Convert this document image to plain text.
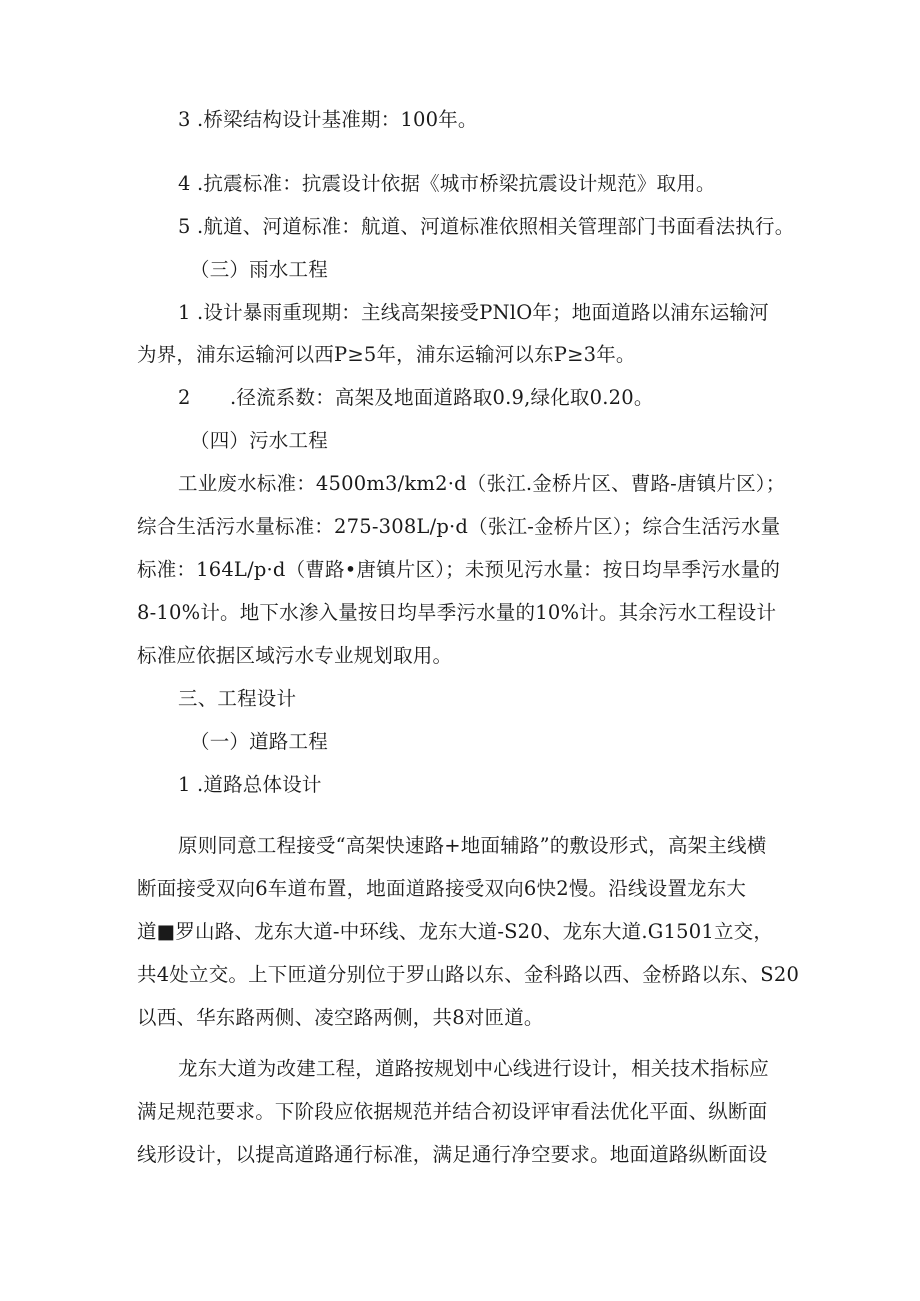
3 .桥梁结构设计基准期：100年。
4 .抗震标准：抗震设计依据《城市桥梁抗震设计规范》取用。
5 .航道、河道标准：航道、河道标准依照相关管理部门书面看法执行。
（三）雨水工程
1 .设计暴雨重现期：主线高架接受PNlO年；地面道路以浦东运输河
为界，浦东运输河以西P≥5年，浦东运输河以东P≥3年。
2　　.径流系数：高架及地面道路取0.9,绿化取0.20。
（四）污水工程
工业废水标准：4500m3/km2·d（张江.金桥片区、曹路-唐镇片区）；
综合生活污水量标准：275-308L/p·d（张江-金桥片区）；综合生活污水量
标准：164L/p·d（曹路•唐镇片区）；未预见污水量：按日均旱季污水量的
8-10%计。地下水渗入量按日均旱季污水量的10%计。其余污水工程设计
标准应依据区域污水专业规划取用。
三、工程设计
（一）道路工程
1 .道路总体设计
原则同意工程接受“高架快速路+地面辅路”的敷设形式，高架主线横
断面接受双向6车道布置，地面道路接受双向6快2慢。沿线设置龙东大
道■罗山路、龙东大道-中环线、龙东大道-S20、龙东大道.G1501立交，
共4处立交。上下匝道分别位于罗山路以东、金科路以西、金桥路以东、S20
以西、华东路两侧、凌空路两侧，共8对匝道。
龙东大道为改建工程，道路按规划中心线进行设计，相关技术指标应
满足规范要求。下阶段应依据规范并结合初设评审看法优化平面、纵断面
线形设计，以提高道路通行标准，满足通行净空要求。地面道路纵断面设
